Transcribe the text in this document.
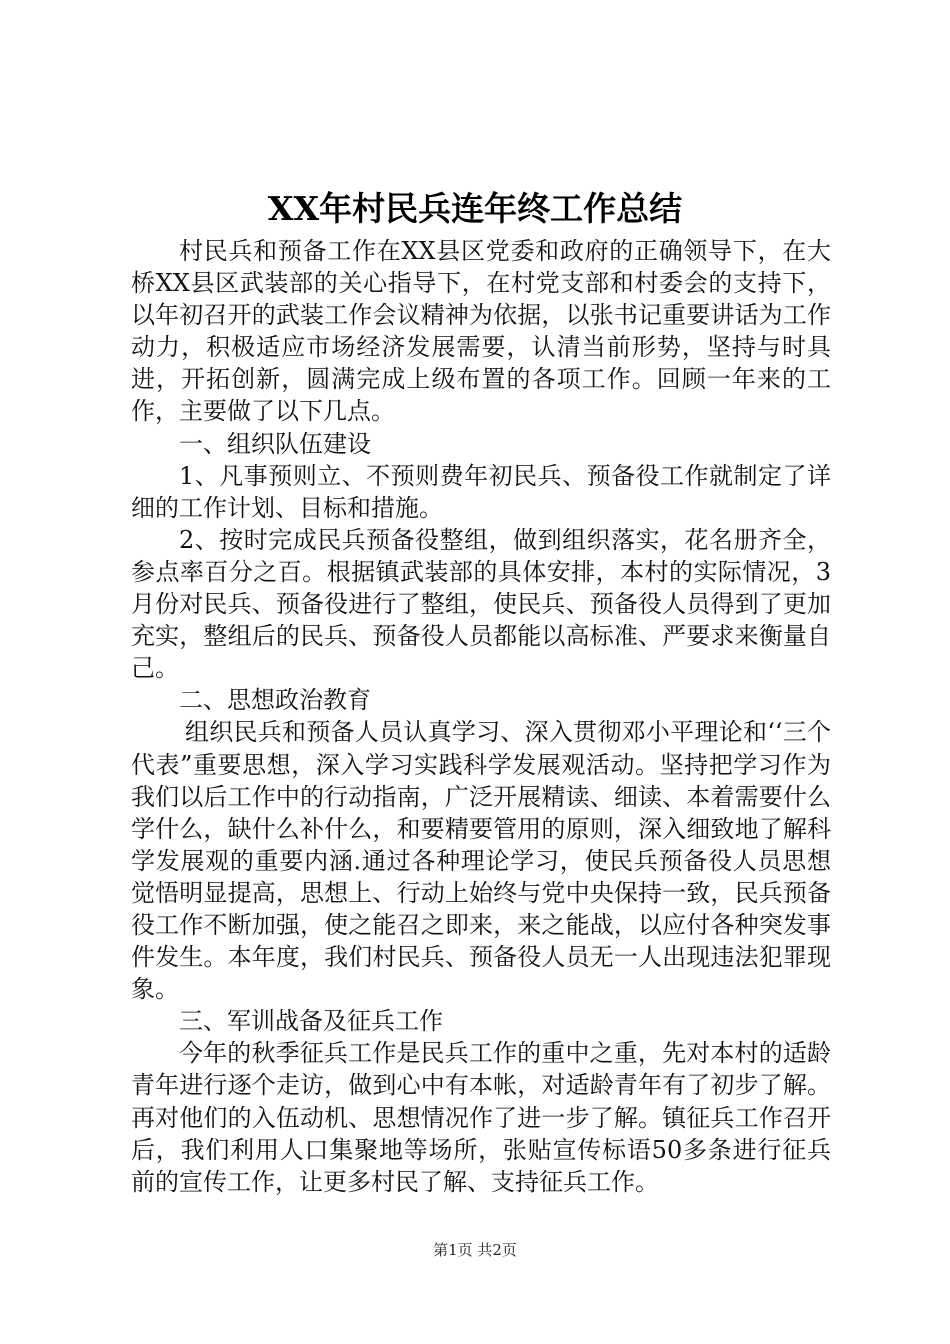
XX年村民兵连年终工作总结

村民兵和预备工作在XX县区党委和政府的正确领导下，在大桥XX县区武装部的关心指导下，在村党支部和村委会的支持下，以年初召开的武装工作会议精神为依据，以张书记重要讲话为工作动力，积极适应市场经济发展需要，认清当前形势，坚持与时具进，开拓创新，圆满完成上级布置的各项工作。回顾一年来的工作，主要做了以下几点。

一、组织队伍建设

1、凡事预则立、不预则费年初民兵、预备役工作就制定了详细的工作计划、目标和措施。

2、按时完成民兵预备役整组，做到组织落实，花名册齐全，参点率百分之百。根据镇武装部的具体安排，本村的实际情况，3月份对民兵、预备役进行了整组，使民兵、预备役人员得到了更加充实，整组后的民兵、预备役人员都能以高标准、严要求来衡量自己。

二、思想政治教育

组织民兵和预备人员认真学习、深入贯彻邓小平理论和‘‘三个代表”重要思想，深入学习实践科学发展观活动。坚持把学习作为我们以后工作中的行动指南，广泛开展精读、细读、本着需要什么学什么，缺什么补什么，和要精要管用的原则，深入细致地了解科学发展观的重要内涵.通过各种理论学习，使民兵预备役人员思想觉悟明显提高，思想上、行动上始终与党中央保持一致，民兵预备役工作不断加强，使之能召之即来，来之能战，以应付各种突发事件发生。本年度，我们村民兵、预备役人员无一人出现违法犯罪现象。

三、军训战备及征兵工作

今年的秋季征兵工作是民兵工作的重中之重，先对本村的适龄青年进行逐个走访，做到心中有本帐，对适龄青年有了初步了解。再对他们的入伍动机、思想情况作了进一步了解。镇征兵工作召开后，我们利用人口集聚地等场所，张贴宣传标语50多条进行征兵前的宣传工作，让更多村民了解、支持征兵工作。

第1页 共2页
